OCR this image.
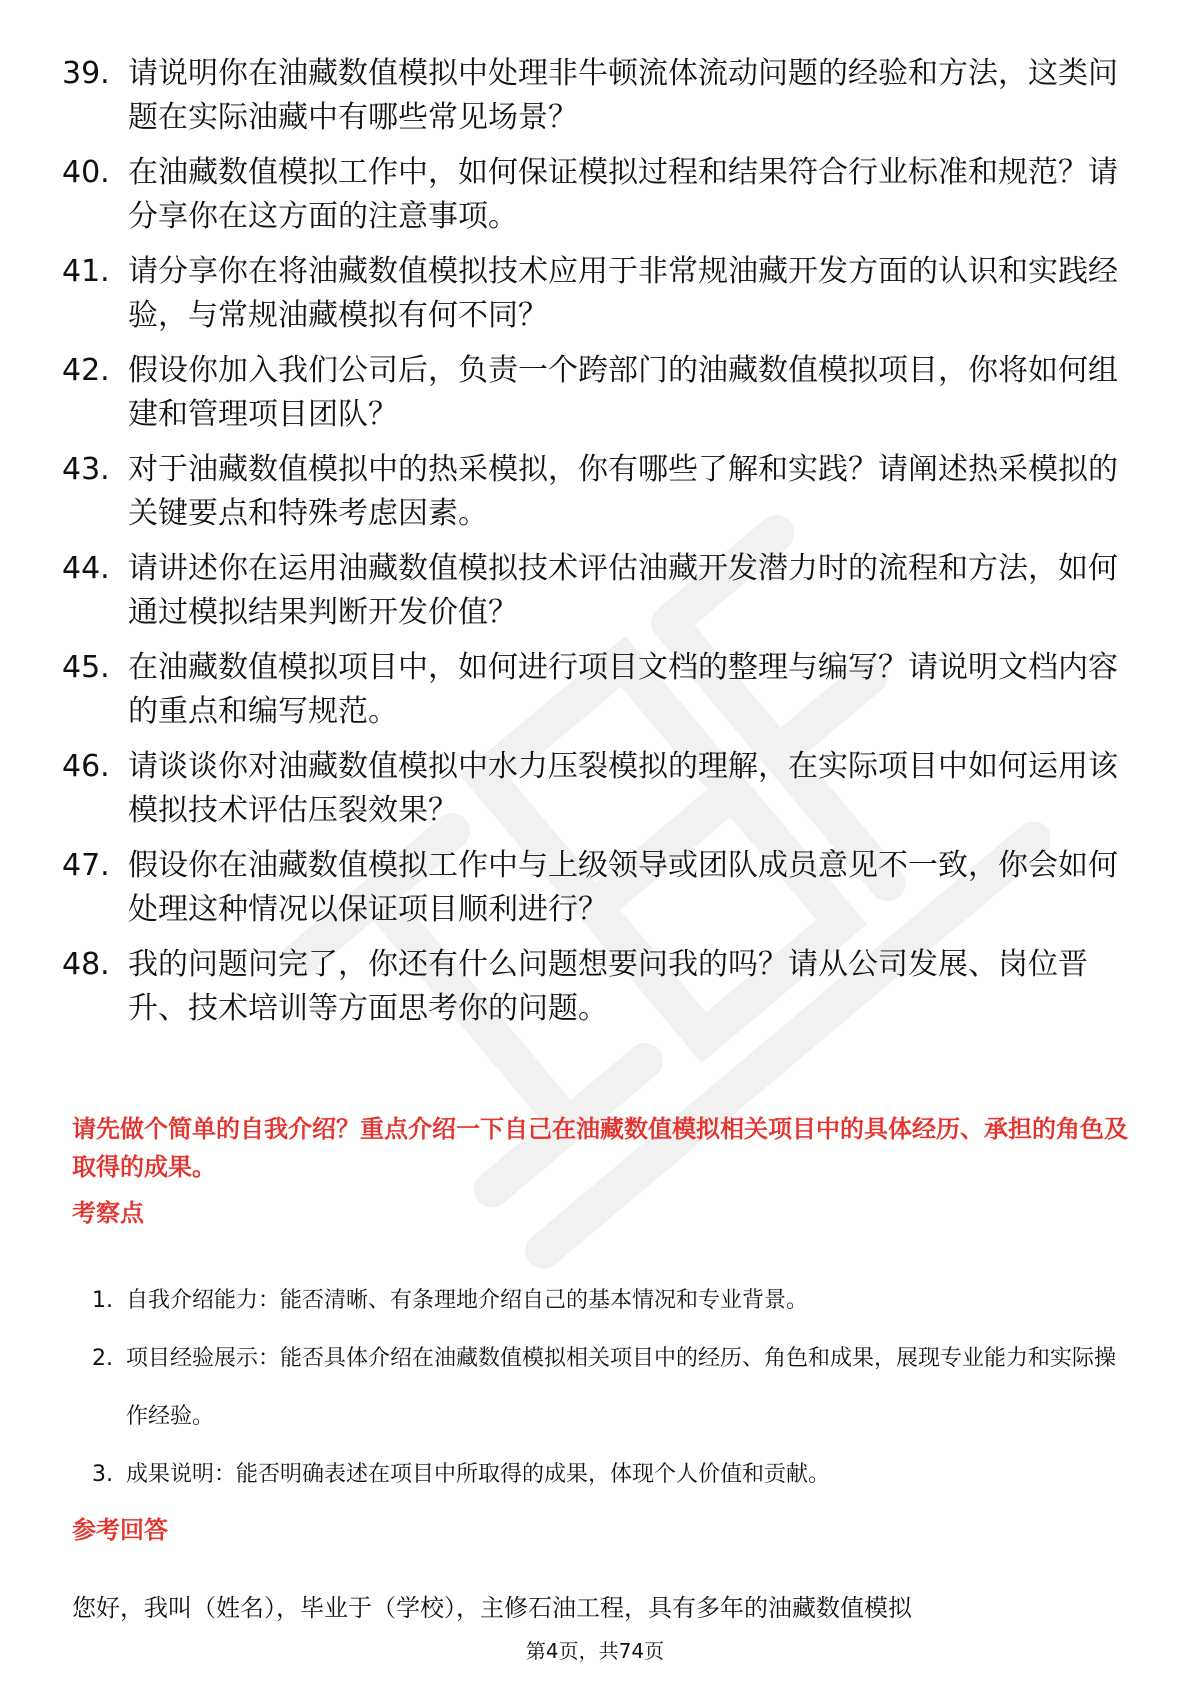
39. 请说明你在油藏数值模拟中处理非牛顿流体流动问题的经验和方法，这类问题在实际油藏中有哪些常见场景？
40. 在油藏数值模拟工作中，如何保证模拟过程和结果符合行业标准和规范？请分享你在这方面的注意事项。
41. 请分享你在将油藏数值模拟技术应用于非常规油藏开发方面的认识和实践经验，与常规油藏模拟有何不同？
42. 假设你加入我们公司后，负责一个跨部门的油藏数值模拟项目，你将如何组建和管理项目团队？
43. 对于油藏数值模拟中的热采模拟，你有哪些了解和实践？请阐述热采模拟的关键要点和特殊考虑因素。
44. 请讲述你在运用油藏数值模拟技术评估油藏开发潜力时的流程和方法，如何通过模拟结果判断开发价值？
45. 在油藏数值模拟项目中，如何进行项目文档的整理与编写？请说明文档内容的重点和编写规范。
46. 请谈谈你对油藏数值模拟中水力压裂模拟的理解，在实际项目中如何运用该模拟技术评估压裂效果？
47. 假设你在油藏数值模拟工作中与上级领导或团队成员意见不一致，你会如何处理这种情况以保证项目顺利进行？
48. 我的问题问完了，你还有什么问题想要问我的吗？请从公司发展、岗位晋升、技术培训等方面思考你的问题。
请先做个简单的自我介绍？重点介绍一下自己在油藏数值模拟相关项目中的具体经历、承担的角色及取得的成果。
考察点
1. 自我介绍能力：能否清晰、有条理地介绍自己的基本情况和专业背景。
2. 项目经验展示：能否具体介绍在油藏数值模拟相关项目中的经历、角色和成果，展现专业能力和实际操作经验。
3. 成果说明：能否明确表述在项目中所取得的成果，体现个人价值和贡献。
参考回答
您好，我叫（姓名），毕业于（学校），主修石油工程，具有多年的油藏数值模拟
第4页，共74页
